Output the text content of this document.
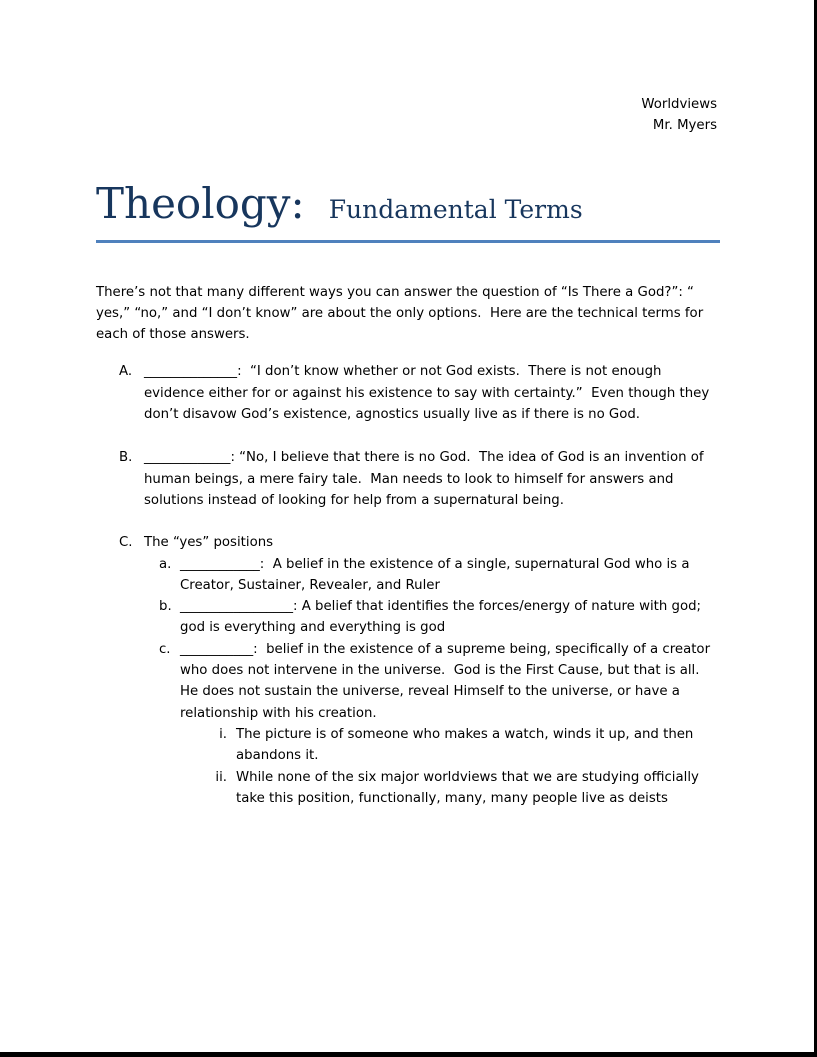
Worldviews
Mr. Myers
Theology: Fundamental Terms

There’s not that many different ways you can answer the question of “Is There a God?”: “ yes,” “no,” and “I don’t know” are about the only options.  Here are the technical terms for each of those answers.

A. ______________:  “I don’t know whether or not God exists.  There is not enough evidence either for or against his existence to say with certainty.”  Even though they don’t disavow God’s existence, agnostics usually live as if there is no God.
B. _____________: “No, I believe that there is no God.  The idea of God is an invention of human beings, a mere fairy tale.  Man needs to look to himself for answers and solutions instead of looking for help from a supernatural being.
C. The “yes” positions
a. ____________:  A belief in the existence of a single, supernatural God who is a Creator, Sustainer, Revealer, and Ruler
b. _________________: A belief that identifies the forces/energy of nature with god; god is everything and everything is god
c. ___________:  belief in the existence of a supreme being, specifically of a creator who does not intervene in the universe.  God is the First Cause, but that is all.  He does not sustain the universe, reveal Himself to the universe, or have a relationship with his creation.
i. The picture is of someone who makes a watch, winds it up, and then abandons it.
ii. While none of the six major worldviews that we are studying officially take this position, functionally, many, many people live as deists
